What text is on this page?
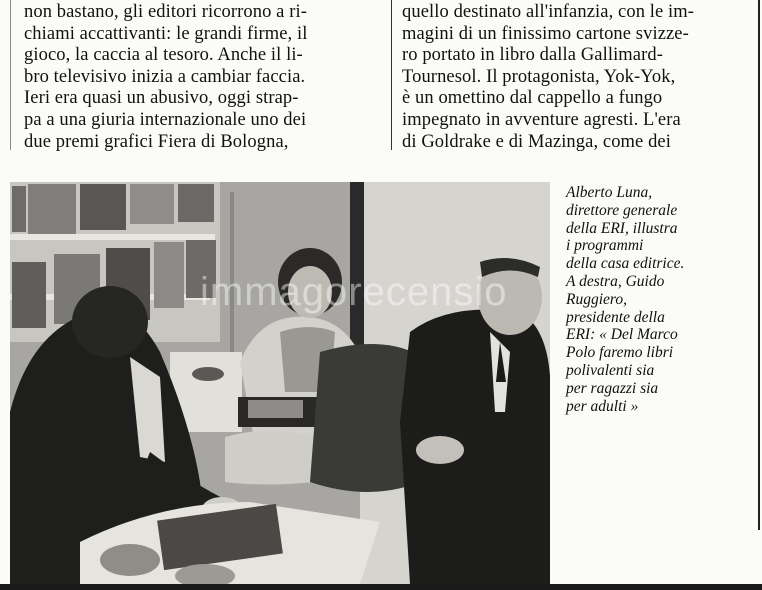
non bastano, gli editori ricorrono a ri-
chiami accattivanti: le grandi firme, il
gioco, la caccia al tesoro. Anche il li-
bro televisivo inizia a cambiar faccia.
Ieri era quasi un abusivo, oggi strap-
pa a una giuria internazionale uno dei
due premi grafici Fiera di Bologna,
quello destinato all'infanzia, con le im-
magini di un finissimo cartone svizze-
ro portato in libro dalla Gallimard-
Tournesol. Il protagonista, Yok-Yok,
è un omettino dal cappello a fungo
impegnato in avventure agresti. L'era
di Goldrake e di Mazinga, come dei
immagorecensio
Alberto Luna,
direttore generale
della ERI, illustra
i programmi
della casa editrice.
A destra, Guido
Ruggiero,
presidente della
ERI: « Del Marco
Polo faremo libri
polivalenti sia
per ragazzi sia
per adulti »
